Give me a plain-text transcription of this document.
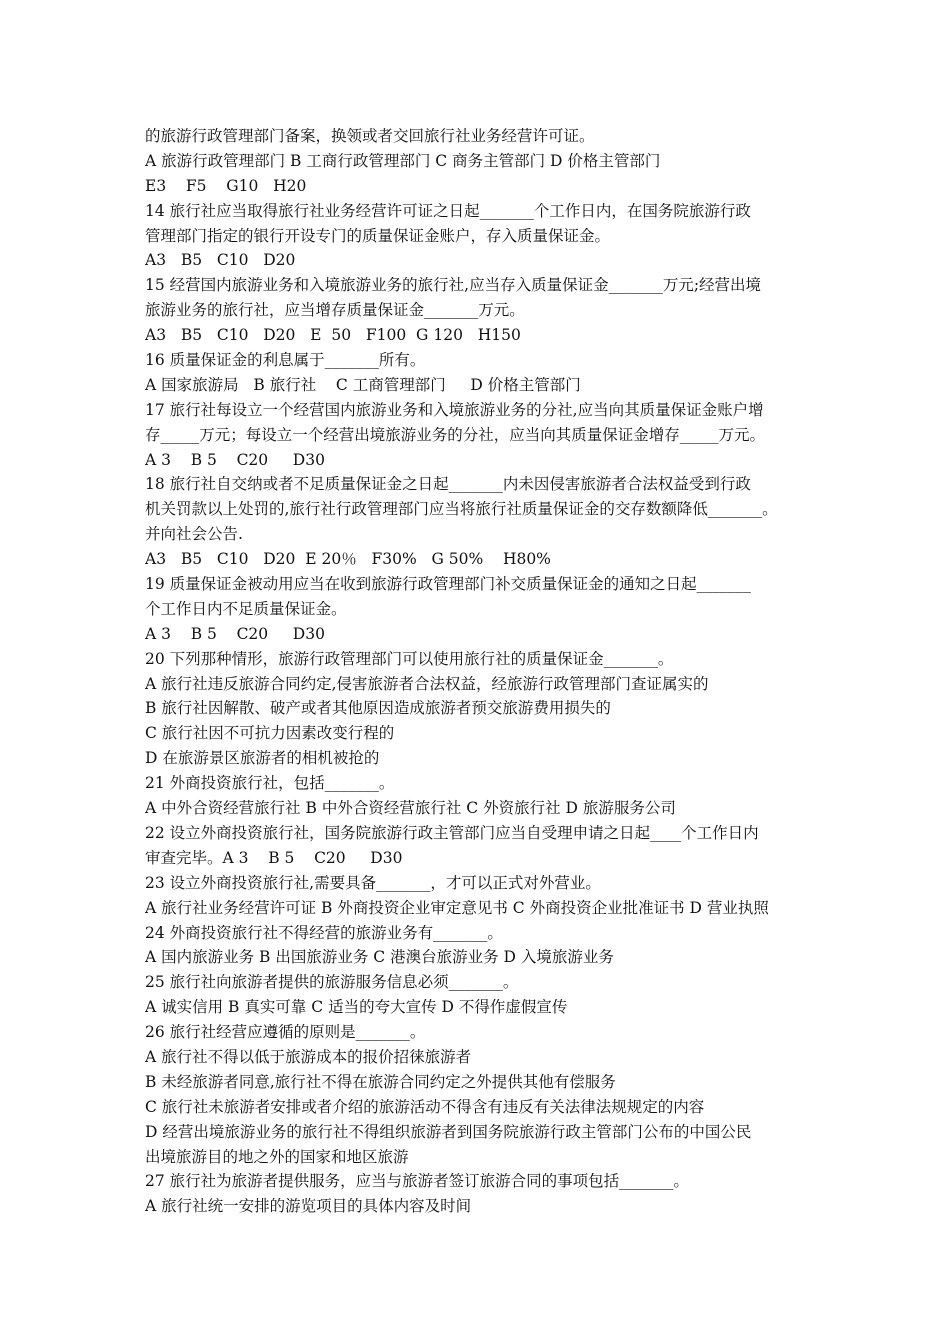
的旅游行政管理部门备案，换领或者交回旅行社业务经营许可证。
A 旅游行政管理部门 B 工商行政管理部门 C 商务主管部门 D 价格主管部门
E3    F5    G10   H20
14 旅行社应当取得旅行社业务经营许可证之日起_______个工作日内，在国务院旅游行政
管理部门指定的银行开设专门的质量保证金账户，存入质量保证金。
A3   B5   C10   D20
15 经营国内旅游业务和入境旅游业务的旅行社,应当存入质量保证金_______万元;经营出境
旅游业务的旅行社，应当增存质量保证金_______万元。
A3   B5   C10   D20   E  50   F100  G 120   H150
16 质量保证金的利息属于_______所有。
A 国家旅游局   B 旅行社    C 工商管理部门     D 价格主管部门
17 旅行社每设立一个经营国内旅游业务和入境旅游业务的分社,应当向其质量保证金账户增
存_____万元；每设立一个经营出境旅游业务的分社，应当向其质量保证金增存_____万元。
A 3    B 5    C20     D30
18 旅行社自交纳或者不足质量保证金之日起_______内未因侵害旅游者合法权益受到行政
机关罚款以上处罚的,旅行社行政管理部门应当将旅行社质量保证金的交存数额降低_______。
并向社会公告.
A3   B5   C10   D20  E 20％   F30%   G 50%    H80%
19 质量保证金被动用应当在收到旅游行政管理部门补交质量保证金的通知之日起_______
个工作日内不足质量保证金。
A 3    B 5    C20     D30
20 下列那种情形，旅游行政管理部门可以使用旅行社的质量保证金_______。
A 旅行社违反旅游合同约定,侵害旅游者合法权益，经旅游行政管理部门查证属实的
B 旅行社因解散、破产或者其他原因造成旅游者预交旅游费用损失的
C 旅行社因不可抗力因素改变行程的
D 在旅游景区旅游者的相机被抢的
21 外商投资旅行社，包括_______。
A 中外合资经营旅行社 B 中外合资经营旅行社 C 外资旅行社 D 旅游服务公司
22 设立外商投资旅行社，国务院旅游行政主管部门应当自受理申请之日起____个工作日内
审查完毕。A 3    B 5    C20     D30
23 设立外商投资旅行社,需要具备_______，才可以正式对外营业。
A 旅行社业务经营许可证 B 外商投资企业审定意见书 C 外商投资企业批准证书 D 营业执照
24 外商投资旅行社不得经营的旅游业务有_______。
A 国内旅游业务 B 出国旅游业务 C 港澳台旅游业务 D 入境旅游业务
25 旅行社向旅游者提供的旅游服务信息必须_______。
A 诚实信用 B 真实可靠 C 适当的夸大宣传 D 不得作虚假宣传
26 旅行社经营应遵循的原则是_______。
A 旅行社不得以低于旅游成本的报价招徕旅游者
B 未经旅游者同意,旅行社不得在旅游合同约定之外提供其他有偿服务
C 旅行社未旅游者安排或者介绍的旅游活动不得含有违反有关法律法规规定的内容
D 经营出境旅游业务的旅行社不得组织旅游者到国务院旅游行政主管部门公布的中国公民
出境旅游目的地之外的国家和地区旅游
27 旅行社为旅游者提供服务，应当与旅游者签订旅游合同的事项包括_______。
A 旅行社统一安排的游览项目的具体内容及时间
